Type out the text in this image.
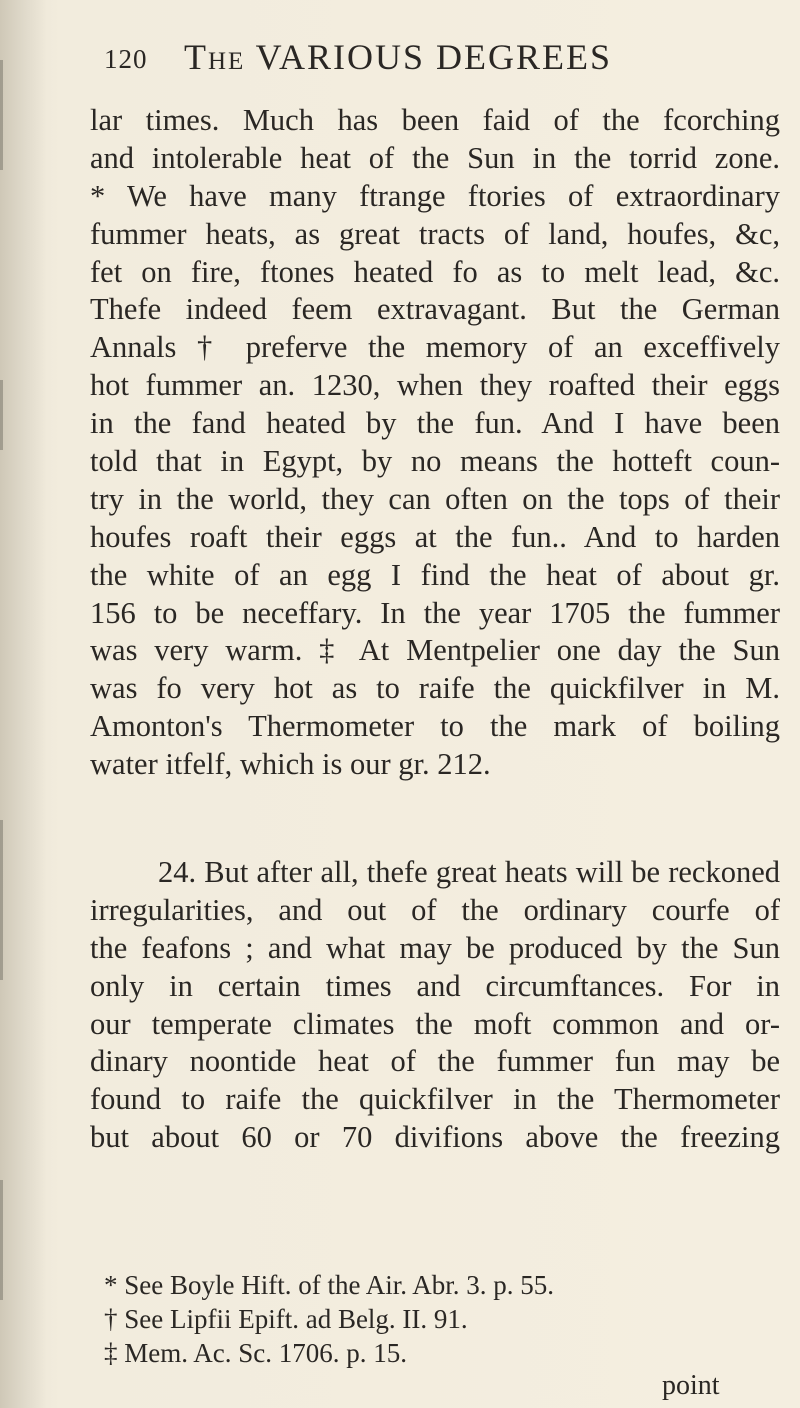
120 The VARIOUS DEGREES
lar times. Much has been faid of the fcorching
and intolerable heat of the Sun in the torrid zone.
* We have many ftrange ftories of extraordinary
fummer heats, as great tracts of land, houfes, &c,
fet on fire, ftones heated fo as to melt lead, &c.
Thefe indeed feem extravagant. But the German
Annals † preferve the memory of an exceffively
hot fummer an. 1230, when they roafted their eggs
in the fand heated by the fun. And I have been
told that in Egypt, by no means the hotteft coun-
try in the world, they can often on the tops of their
houfes roaft their eggs at the fun.. And to harden
the white of an egg I find the heat of about gr.
156 to be neceffary. In the year 1705 the fummer
was very warm. ‡ At Mentpelier one day the Sun
was fo very hot as to raife the quickfilver in M.
Amonton's Thermometer to the mark of boiling
water itfelf, which is our gr. 212.
24. But after all, thefe great heats will be reckoned
irregularities, and out of the ordinary courfe of
the feafons ; and what may be produced by the Sun
only in certain times and circumftances. For in
our temperate climates the moft common and or-
dinary noontide heat of the fummer fun may be
found to raife the quickfilver in the Thermometer
but about 60 or 70 divifions above the freezing
* See Boyle Hift. of the Air. Abr. 3. p. 55.
† See Lipfii Epift. ad Belg. II. 91.
‡ Mem. Ac. Sc. 1706. p. 15.
point
